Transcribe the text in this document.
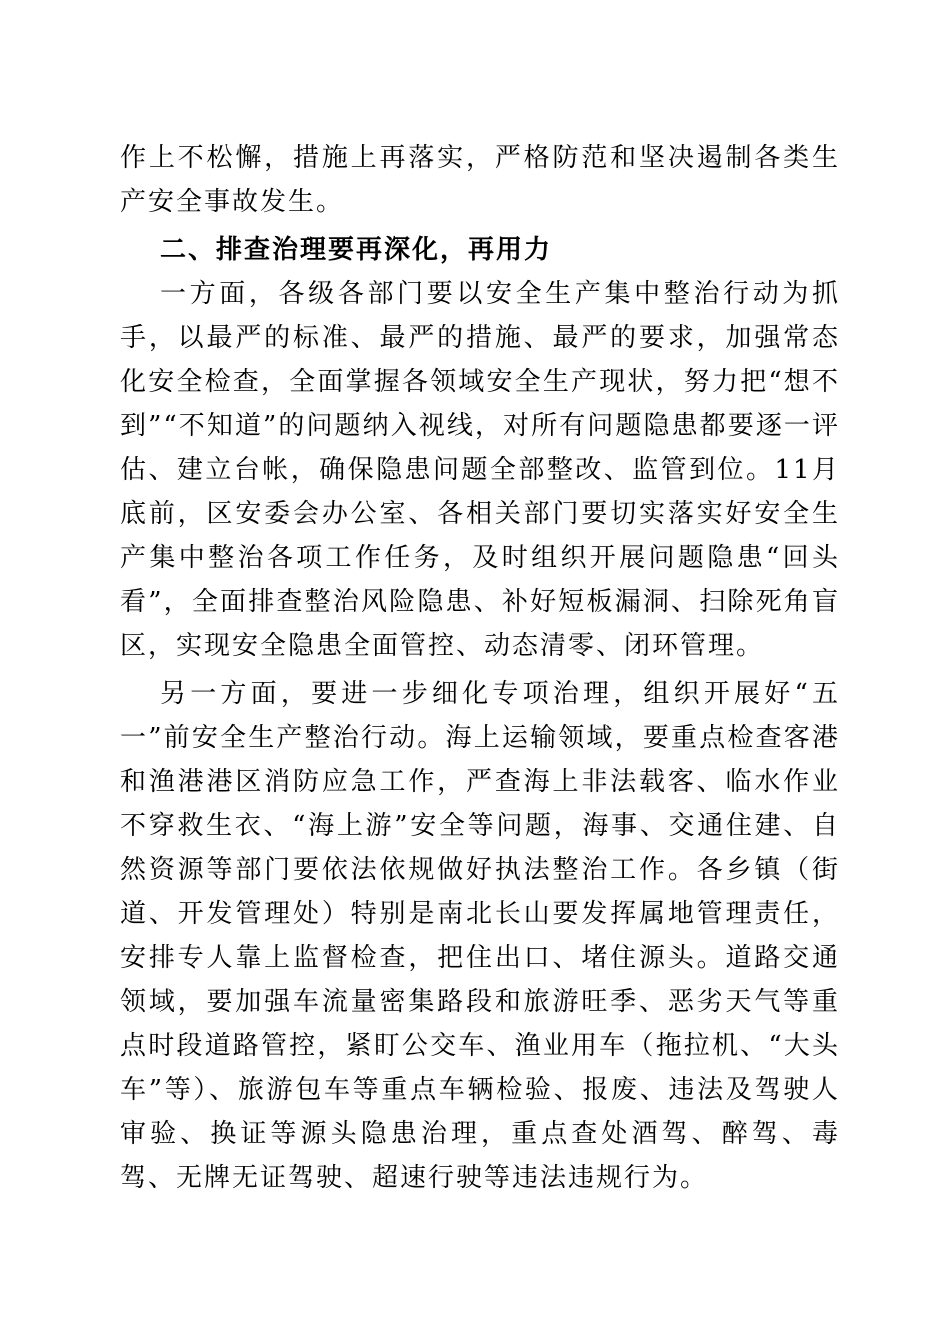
作上不松懈，措施上再落实，严格防范和坚决遏制各类生产安全事故发生。

二、排查治理要再深化，再用力

一方面，各级各部门要以安全生产集中整治行动为抓手，以最严的标准、最严的措施、最严的要求，加强常态化安全检查，全面掌握各领域安全生产现状，努力把“想不到”“不知道”的问题纳入视线，对所有问题隐患都要逐一评估、建立台帐，确保隐患问题全部整改、监管到位。11月底前，区安委会办公室、各相关部门要切实落实好安全生产集中整治各项工作任务，及时组织开展问题隐患“回头看”，全面排查整治风险隐患、补好短板漏洞、扫除死角盲区，实现安全隐患全面管控、动态清零、闭环管理。

另一方面，要进一步细化专项治理，组织开展好“五一”前安全生产整治行动。海上运输领域，要重点检查客港和渔港港区消防应急工作，严查海上非法载客、临水作业不穿救生衣、“海上游”安全等问题，海事、交通住建、自然资源等部门要依法依规做好执法整治工作。各乡镇（街道、开发管理处）特别是南北长山要发挥属地管理责任，安排专人靠上监督检查，把住出口、堵住源头。道路交通领域，要加强车流量密集路段和旅游旺季、恶劣天气等重点时段道路管控，紧盯公交车、渔业用车（拖拉机、“大头车”等）、旅游包车等重点车辆检验、报废、违法及驾驶人审验、换证等源头隐患治理，重点查处酒驾、醉驾、毒驾、无牌无证驾驶、超速行驶等违法违规行为。
